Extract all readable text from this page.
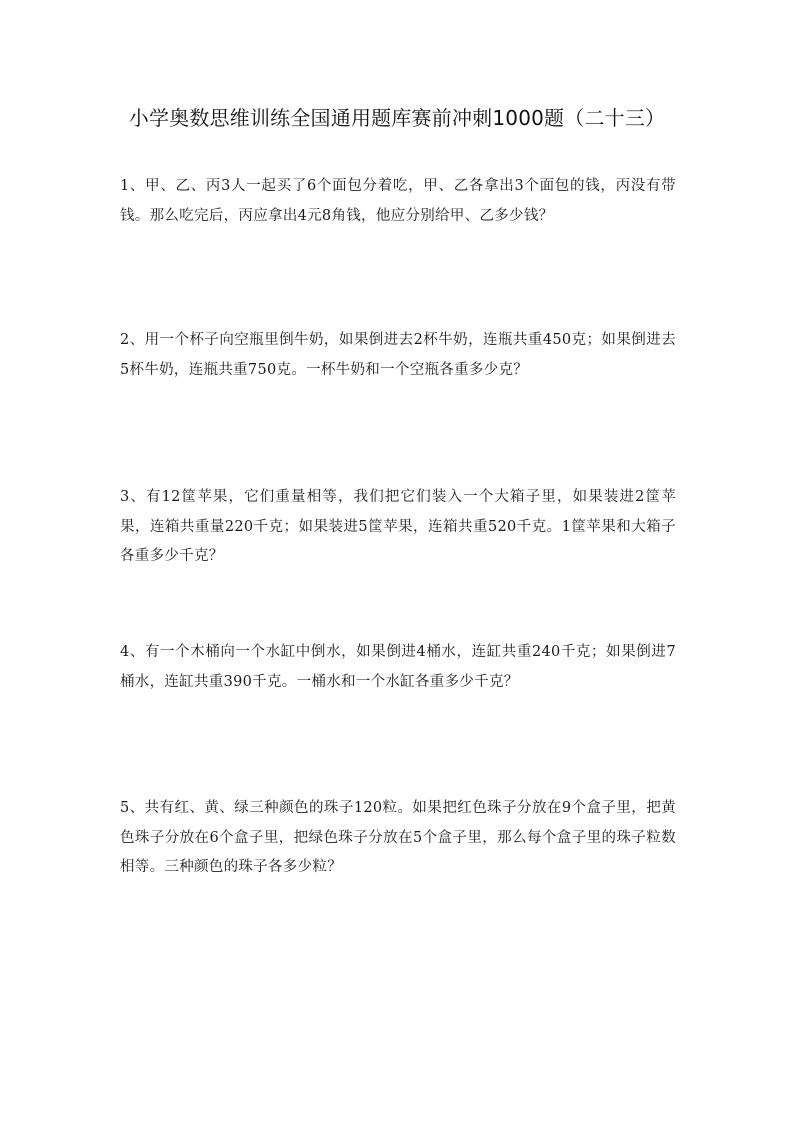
小学奥数思维训练全国通用题库赛前冲刺1000题（二十三）
1、甲、乙、丙3人一起买了6个面包分着吃，甲、乙各拿出3个面包的钱，丙没有带钱。那么吃完后，丙应拿出4元8角钱，他应分别给甲、乙多少钱？
2、用一个杯子向空瓶里倒牛奶，如果倒进去2杯牛奶，连瓶共重450克；如果倒进去5杯牛奶，连瓶共重750克。一杯牛奶和一个空瓶各重多少克？
3、有12筐苹果，它们重量相等，我们把它们装入一个大箱子里，如果装进2筐苹果，连箱共重量220千克；如果装进5筐苹果，连箱共重520千克。1筐苹果和大箱子各重多少千克？
4、有一个木桶向一个水缸中倒水，如果倒进4桶水，连缸共重240千克；如果倒进7桶水，连缸共重390千克。一桶水和一个水缸各重多少千克？
5、共有红、黄、绿三种颜色的珠子120粒。如果把红色珠子分放在9个盒子里，把黄色珠子分放在6个盒子里，把绿色珠子分放在5个盒子里，那么每个盒子里的珠子粒数相等。三种颜色的珠子各多少粒？
